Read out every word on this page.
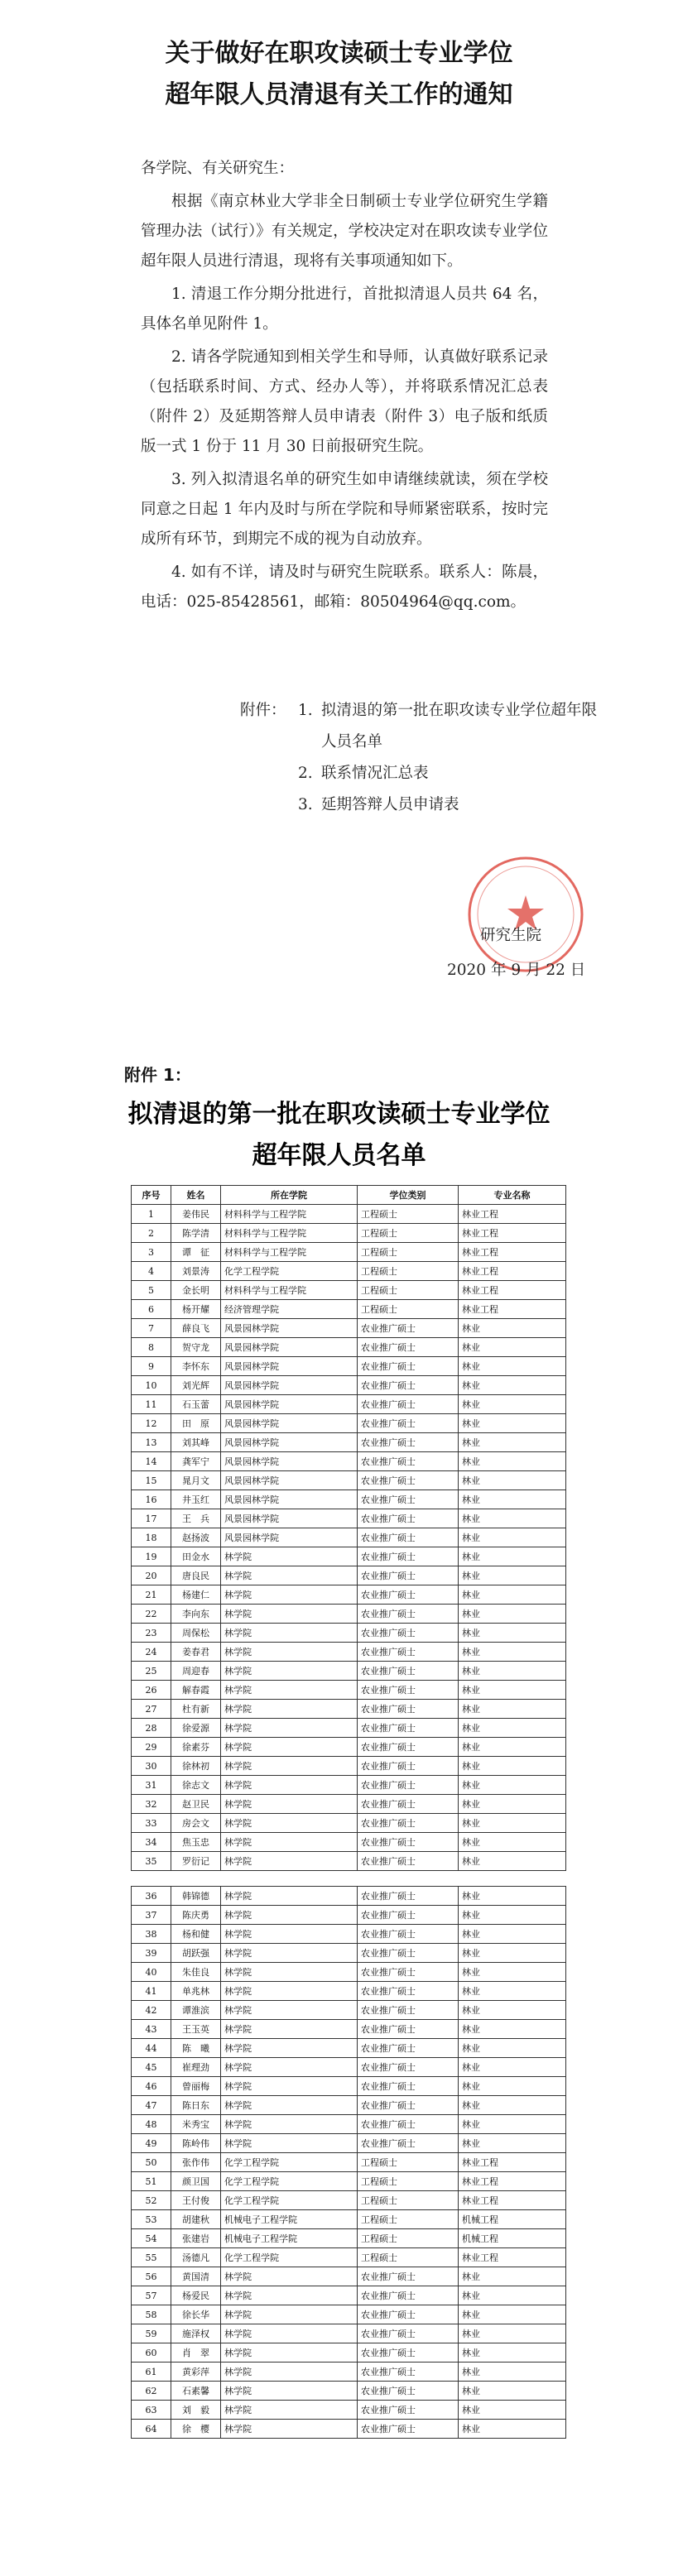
关于做好在职攻读硕士专业学位
超年限人员清退有关工作的通知

各学院、有关研究生：

根据《南京林业大学非全日制硕士专业学位研究生学籍管理办法（试行）》有关规定，学校决定对在职攻读专业学位超年限人员进行清退，现将有关事项通知如下。

1. 清退工作分期分批进行，首批拟清退人员共 64 名，具体名单见附件 1。

2. 请各学院通知到相关学生和导师，认真做好联系记录（包括联系时间、方式、经办人等），并将联系情况汇总表（附件 2）及延期答辩人员申请表（附件 3）电子版和纸质版一式 1 份于 11 月 30 日前报研究生院。

3. 列入拟清退名单的研究生如申请继续就读，须在学校同意之日起 1 年内及时与所在学院和导师紧密联系，按时完成所有环节，到期完不成的视为自动放弃。

4. 如有不详，请及时与研究生院联系。联系人：陈晨，电话：025-85428561，邮箱：80504964@qq.com。

附件： 1. 拟清退的第一批在职攻读专业学位超年限人员名单
2. 联系情况汇总表
3. 延期答辩人员申请表
研究生院
2020 年 9 月 22 日
附件 1：
拟清退的第一批在职攻读硕士专业学位
超年限人员名单
序号	姓名	所在学院	学位类别	专业名称
1	姜伟民	材料科学与工程学院	工程硕士	林业工程
2	陈学清	材料科学与工程学院	工程硕士	林业工程
3	谭　征	材料科学与工程学院	工程硕士	林业工程
4	刘景涛	化学工程学院	工程硕士	林业工程
5	金长明	材料科学与工程学院	工程硕士	林业工程
6	杨开耀	经济管理学院	工程硕士	林业工程
7	薛良飞	风景园林学院	农业推广硕士	林业
8	贺守龙	风景园林学院	农业推广硕士	林业
9	李怀东	风景园林学院	农业推广硕士	林业
10	刘光辉	风景园林学院	农业推广硕士	林业
11	石玉蕾	风景园林学院	农业推广硕士	林业
12	田　原	风景园林学院	农业推广硕士	林业
13	刘其峰	风景园林学院	农业推广硕士	林业
14	龚军宁	风景园林学院	农业推广硕士	林业
15	晁月文	风景园林学院	农业推广硕士	林业
16	井玉红	风景园林学院	农业推广硕士	林业
17	王　兵	风景园林学院	农业推广硕士	林业
18	赵扬波	风景园林学院	农业推广硕士	林业
19	田金水	林学院	农业推广硕士	林业
20	唐良民	林学院	农业推广硕士	林业
21	杨建仁	林学院	农业推广硕士	林业
22	李向东	林学院	农业推广硕士	林业
23	周保松	林学院	农业推广硕士	林业
24	姜春君	林学院	农业推广硕士	林业
25	周迎春	林学院	农业推广硕士	林业
26	解春霞	林学院	农业推广硕士	林业
27	杜有新	林学院	农业推广硕士	林业
28	徐爱源	林学院	农业推广硕士	林业
29	徐素芬	林学院	农业推广硕士	林业
30	徐林初	林学院	农业推广硕士	林业
31	徐志文	林学院	农业推广硕士	林业
32	赵卫民	林学院	农业推广硕士	林业
33	房会文	林学院	农业推广硕士	林业
34	焦玉忠	林学院	农业推广硕士	林业
35	罗衍记	林学院	农业推广硕士	林业
36	韩锦德	林学院	农业推广硕士	林业
37	陈庆勇	林学院	农业推广硕士	林业
38	杨和健	林学院	农业推广硕士	林业
39	胡跃强	林学院	农业推广硕士	林业
40	朱佳良	林学院	农业推广硕士	林业
41	单兆林	林学院	农业推广硕士	林业
42	谭淮滨	林学院	农业推广硕士	林业
43	王玉英	林学院	农业推广硕士	林业
44	陈　曦	林学院	农业推广硕士	林业
45	崔理劲	林学院	农业推广硕士	林业
46	曾丽梅	林学院	农业推广硕士	林业
47	陈日东	林学院	农业推广硕士	林业
48	米秀宝	林学院	农业推广硕士	林业
49	陈岭伟	林学院	农业推广硕士	林业
50	张作伟	化学工程学院	工程硕士	林业工程
51	颜卫国	化学工程学院	工程硕士	林业工程
52	王付俊	化学工程学院	工程硕士	林业工程
53	胡建秋	机械电子工程学院	工程硕士	机械工程
54	张建岩	机械电子工程学院	工程硕士	机械工程
55	汤德凡	化学工程学院	工程硕士	林业工程
56	黄国清	林学院	农业推广硕士	林业
57	杨爱民	林学院	农业推广硕士	林业
58	徐长华	林学院	农业推广硕士	林业
59	施泽权	林学院	农业推广硕士	林业
60	肖　翠	林学院	农业推广硕士	林业
61	黄彩萍	林学院	农业推广硕士	林业
62	石素馨	林学院	农业推广硕士	林业
63	刘　毅	林学院	农业推广硕士	林业
64	徐　樱	林学院	农业推广硕士	林业
